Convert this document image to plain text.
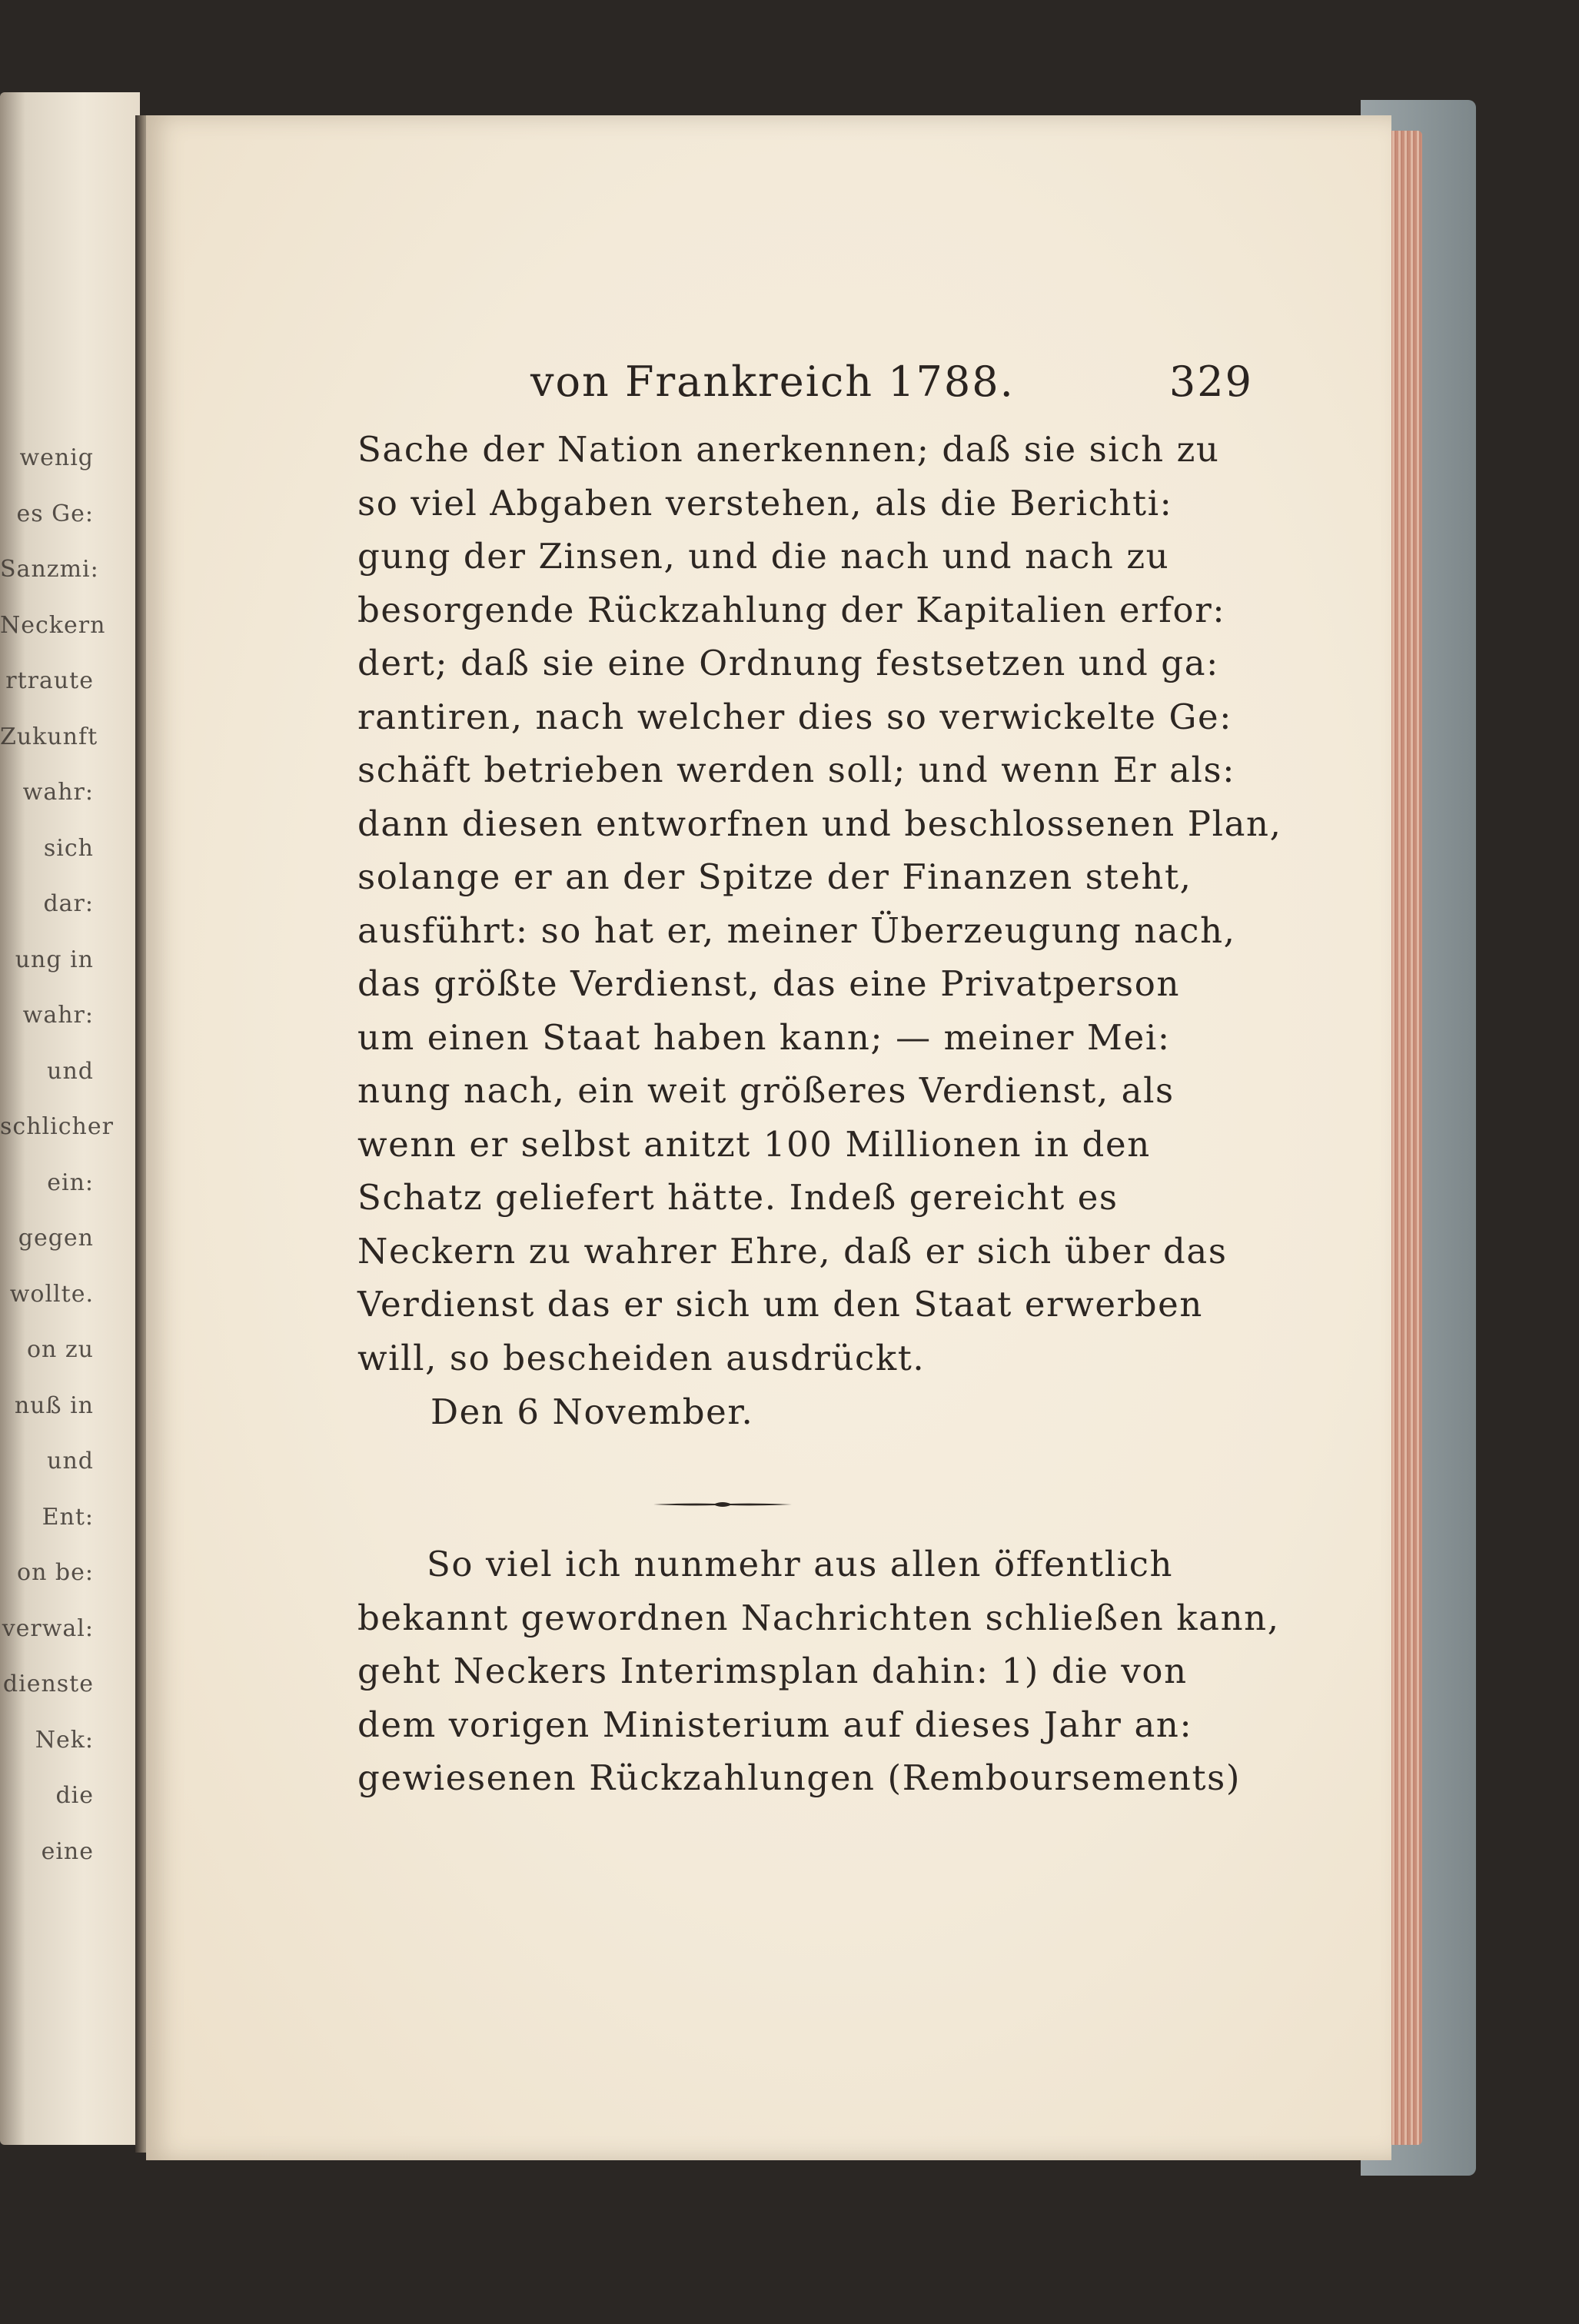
wenig
es Ge:
Sanzmi:
Neckern
rtraute
Zukunft
wahr:
sich
dar:
ung in
wahr:
und
schlicher
ein:
gegen
wollte.
on zu
nuß in
und
Ent:
on be:
verwal:
dienste
Nek:
die
eine
von Frankreich 1788.	329
Sache der Nation anerkennen; daß sie sich zu
so viel Abgaben verstehen, als die Berichti:
gung der Zinsen, und die nach und nach zu
besorgende Rückzahlung der Kapitalien erfor:
dert; daß sie eine Ordnung festsetzen und ga:
rantiren, nach welcher dies so verwickelte Ge:
schäft betrieben werden soll; und wenn Er als:
dann diesen entworfnen und beschlossenen Plan,
solange er an der Spitze der Finanzen steht,
ausführt: so hat er, meiner Überzeugung nach,
das größte Verdienst, das eine Privatperson
um einen Staat haben kann; — meiner Mei:
nung nach, ein weit größeres Verdienst, als
wenn er selbst anitzt 100 Millionen in den
Schatz geliefert hätte. Indeß gereicht es
Neckern zu wahrer Ehre, daß er sich über das
Verdienst das er sich um den Staat erwerben
will, so bescheiden ausdrückt.
Den 6 November.
So viel ich nunmehr aus allen öffentlich
bekannt gewordnen Nachrichten schließen kann,
geht Neckers Interimsplan dahin: 1) die von
dem vorigen Ministerium auf dieses Jahr an:
gewiesenen Rückzahlungen (Remboursements)
